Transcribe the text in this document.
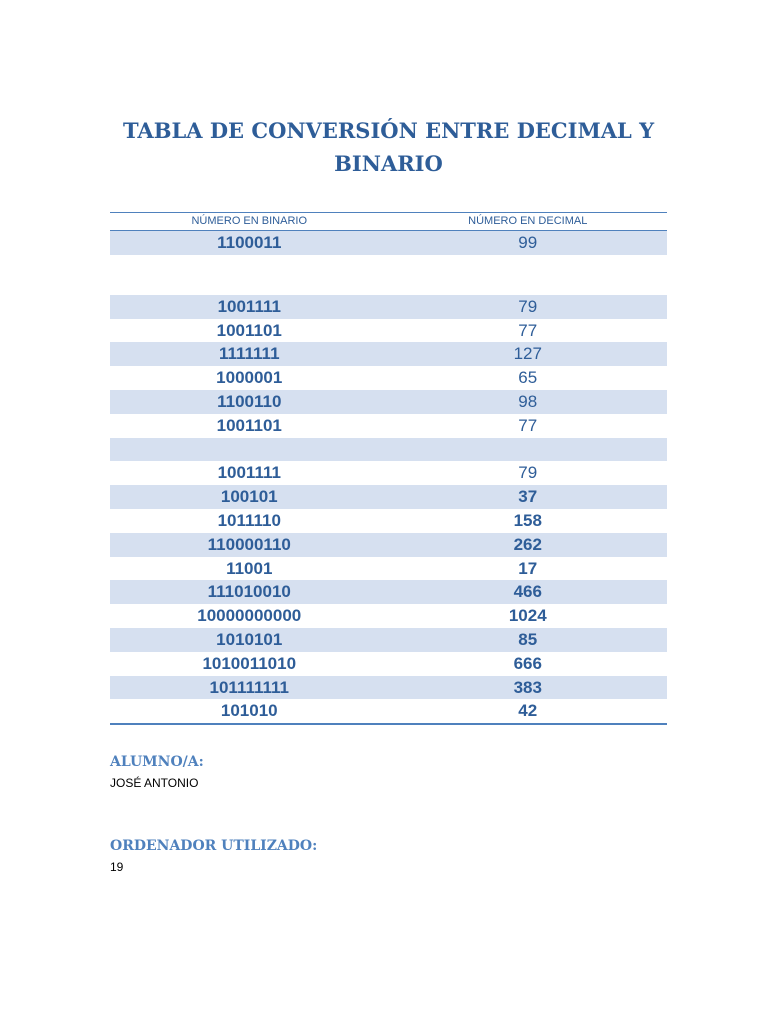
TABLA DE CONVERSIÓN ENTRE DECIMAL Y BINARIO
NÚMERO EN BINARIO	NÚMERO EN DECIMAL
1100011	99
1001111	79
1001101	77
1111111	127
1000001	65
1100110	98
1001101	77
1001111	79
100101	37
1011110	158
110000110	262
11001	17
111010010	466
10000000000	1024
1010101	85
1010011010	666
101111111	383
101010	42

ALUMNO/A:

JOSÉ ANTONIO

ORDENADOR UTILIZADO:

19
